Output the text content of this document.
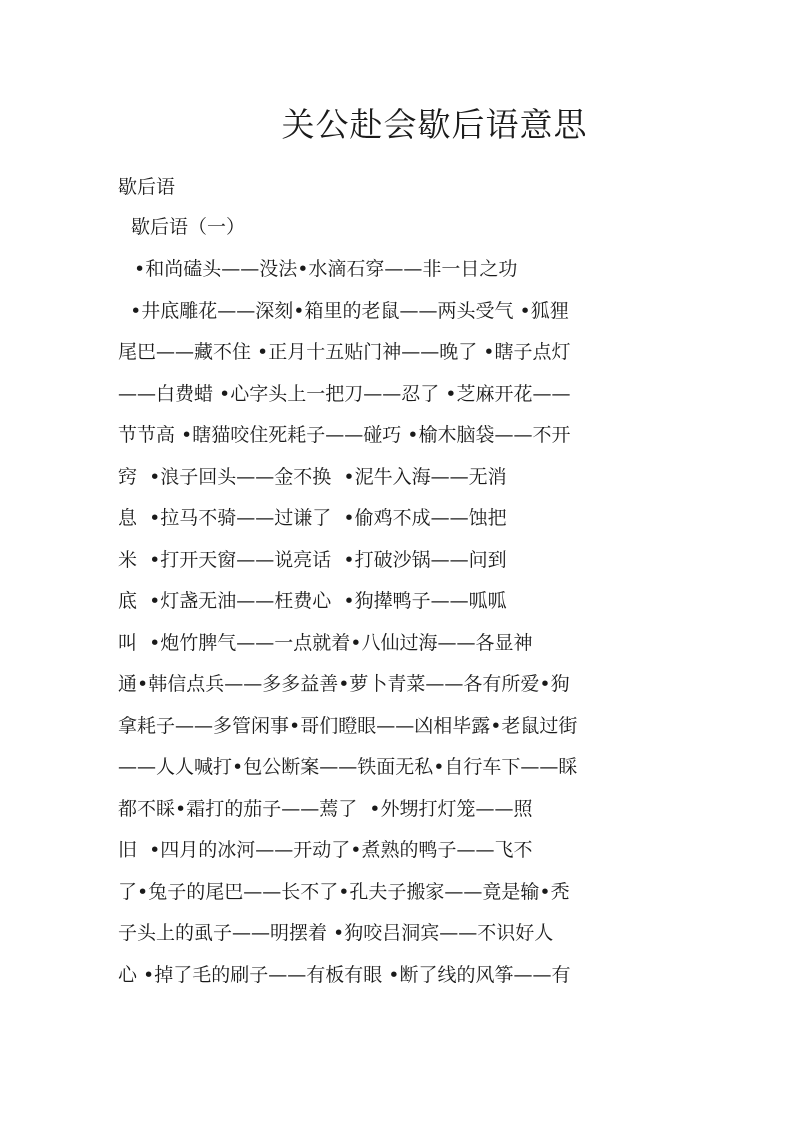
关公赴会歇后语意思
歇后语
歇后语（一）
•和尚磕头——没法•水滴石穿——非一日之功
•井底雕花——深刻•箱里的老鼠——两头受气 •狐狸
尾巴——藏不住 •正月十五贴门神——晚了 •瞎子点灯
——白费蜡 •心字头上一把刀——忍了 •芝麻开花——
节节高 •瞎猫咬住死耗子——碰巧 •榆木脑袋——不开
窍  •浪子回头——金不换  •泥牛入海——无消
息  •拉马不骑——过谦了  •偷鸡不成——蚀把
米  •打开天窗——说亮话  •打破沙锅——问到
底  •灯盏无油——枉费心  •狗撵鸭子——呱呱
叫  •炮竹脾气——一点就着•八仙过海——各显神
通•韩信点兵——多多益善•萝卜青菜——各有所爱•狗
拿耗子——多管闲事•哥们瞪眼——凶相毕露•老鼠过街
——人人喊打•包公断案——铁面无私•自行车下——睬
都不睬•霜打的茄子——蔫了  •外甥打灯笼——照
旧  •四月的冰河——开动了•煮熟的鸭子——飞不
了•兔子的尾巴——长不了•孔夫子搬家——竟是输•秃
子头上的虱子——明摆着 •狗咬吕洞宾——不识好人
心 •掉了毛的刷子——有板有眼 •断了线的风筝——有
